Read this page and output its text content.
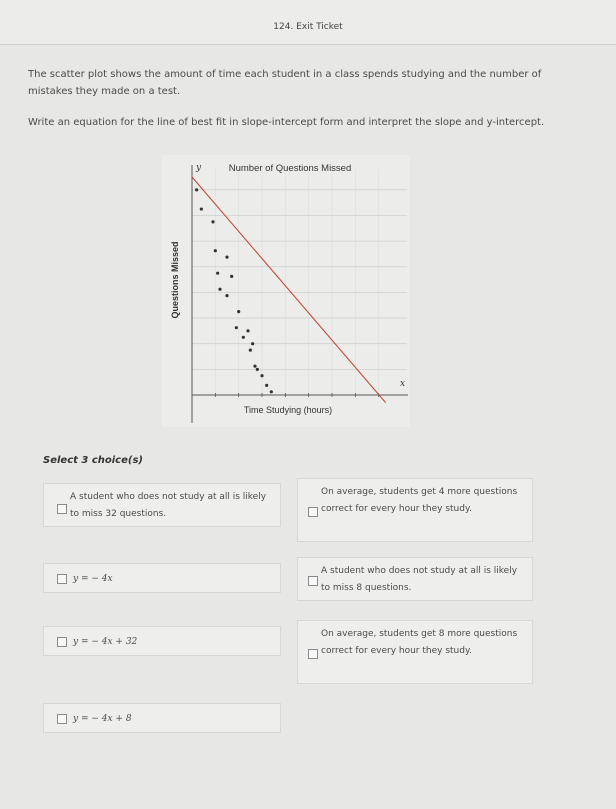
124. Exit Ticket

The scatter plot shows the amount of time each student in a class spends studying and the number of mistakes they made on a test.

Write an equation for the line of best fit in slope-intercept form and interpret the slope and y-intercept.

Number of Questions Missed
y
x
Time Studying (hours)
Questions Missed
Select 3 choice(s)
A student who does not study at all is likely to miss 32 questions.
On average, students get 4 more questions correct for every hour they study.
y = − 4x
A student who does not study at all is likely to miss 8 questions.
y = − 4x + 32
On average, students get 8 more questions correct for every hour they study.
y = − 4x + 8
